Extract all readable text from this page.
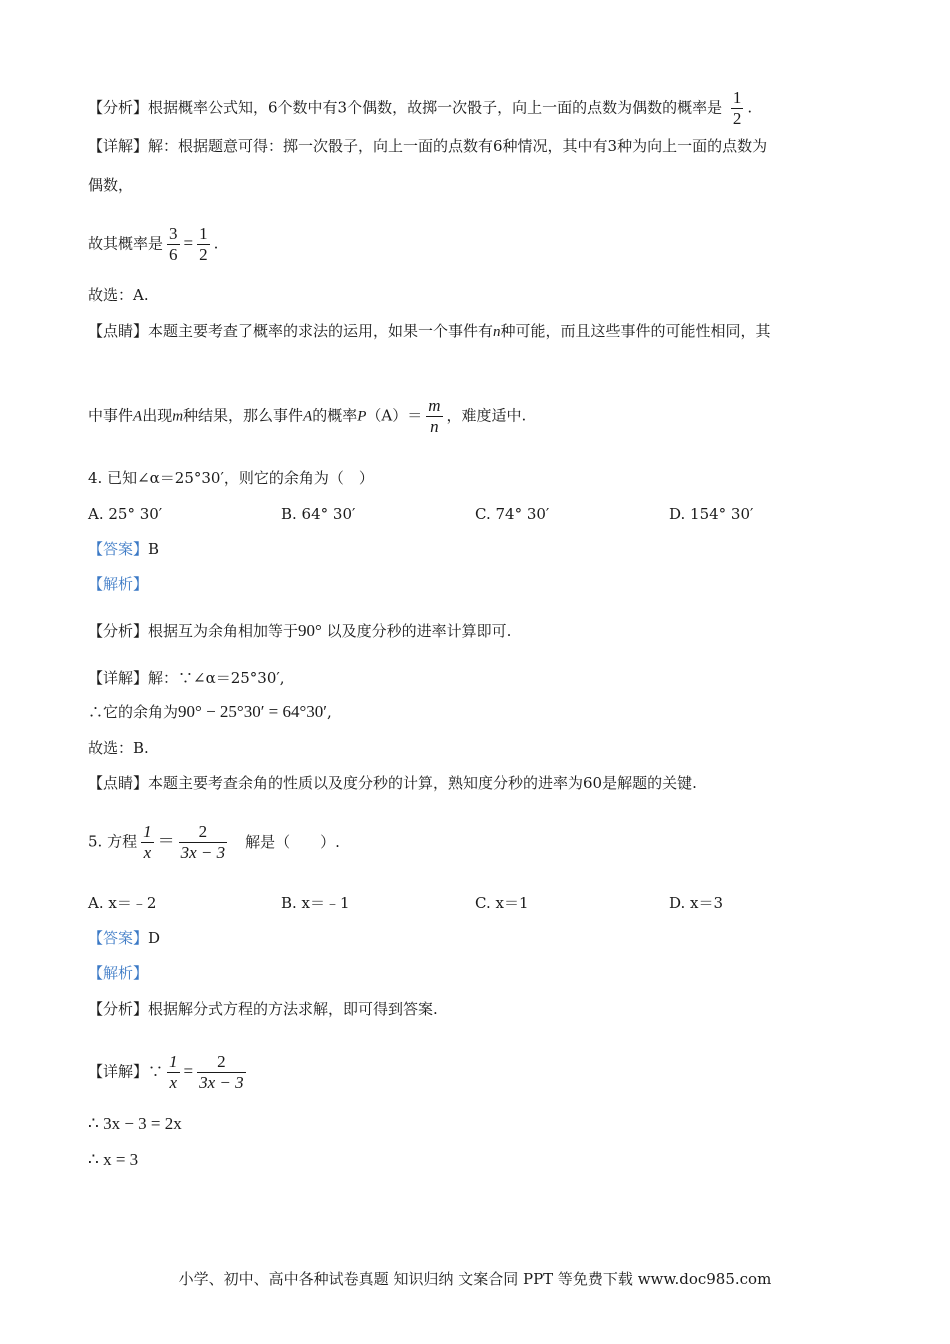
【分析】根据概率公式知，6个数中有3个偶数，故掷一次骰子，向上一面的点数为偶数的概率是 $\frac{1}{2}$ .
【详解】解：根据题意可得：掷一次骰子，向上一面的点数有6种情况，其中有3种为向上一面的点数为
偶数，
故其概率是 $\frac{3}{6} = \frac{1}{2}$ .
故选：A.
【点睛】本题主要考查了概率的求法的运用，如果一个事件有n种可能，而且这些事件的可能性相同，其
中事件A出现m种结果，那么事件A的概率$P(A)= \frac{m}{n}$ ，难度适中.
4. 已知∠α＝25°30′，则它的余角为（　）
A. 25° 30′	B. 64° 30′	C. 74° 30′	D. 154° 30′
【答案】B
【解析】
【分析】根据互为余角相加等于90° 以及度分秒的进率计算即可.
【详解】解：∵∠α＝25°30′,
∴它的余角为90° − 25°30′ = 64°30′,
故选：B.
【点睛】本题主要考查余角的性质以及度分秒的计算，熟知度分秒的进率为60是解题的关键.
5. 方程 $\frac{1}{x} = \frac{2}{3x - 3}$ 解是（　　）.
A. x＝﹣2	B. x＝﹣1	C. x＝1	D. x＝3
【答案】D
【解析】
【分析】根据解分式方程的方法求解，即可得到答案.
【详解】∵ $\frac{1}{x} = \frac{2}{3x - 3}$
∴ 3x − 3 = 2x
∴ x = 3
小学、初中、高中各种试卷真题 知识归纳 文案合同 PPT 等免费下载 www.doc985.com
